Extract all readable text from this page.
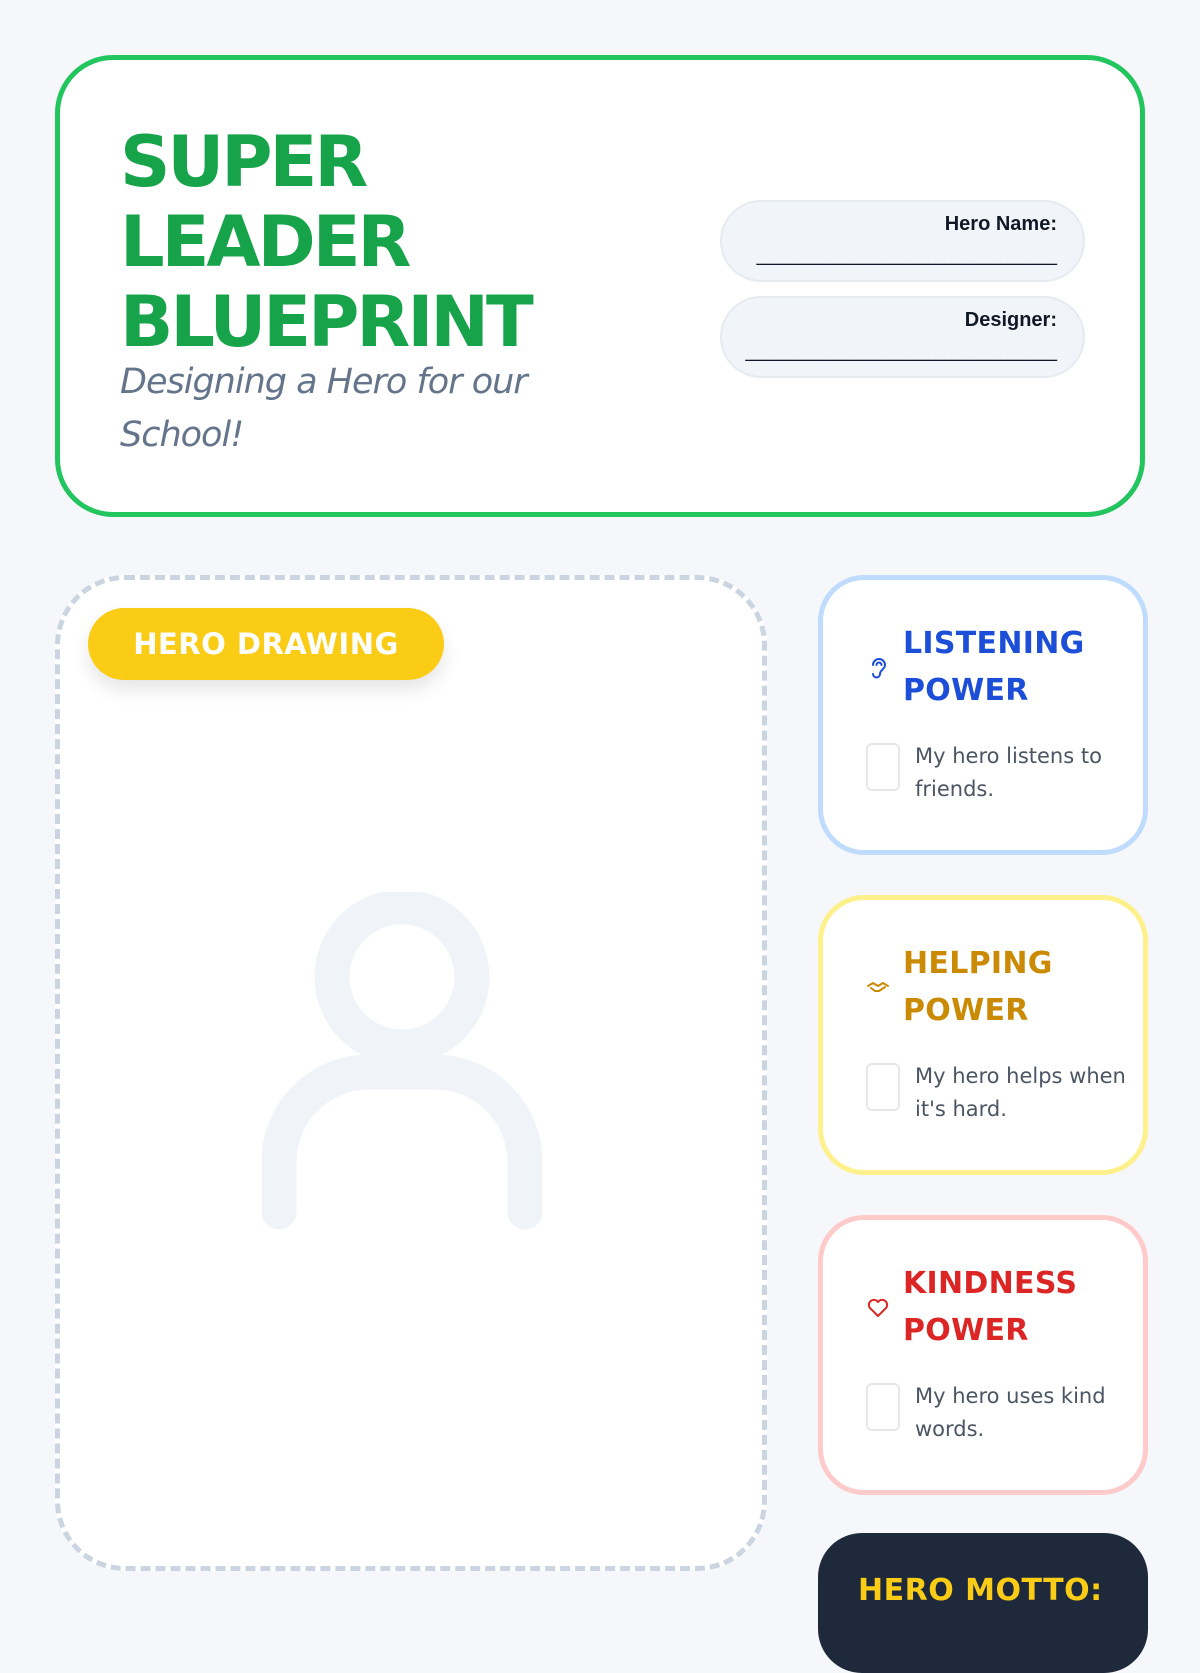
SUPER
LEADER
BLUEPRINT

Designing a Hero for our School!

Hero Name:
___________________________
Designer:
____________________________
HERO DRAWING	LISTENING POWER

My hero listens to friends.

HELPING POWER

My hero helps when it's hard.

KINDNESS POWER

My hero uses kind words.

HERO MOTTO:
